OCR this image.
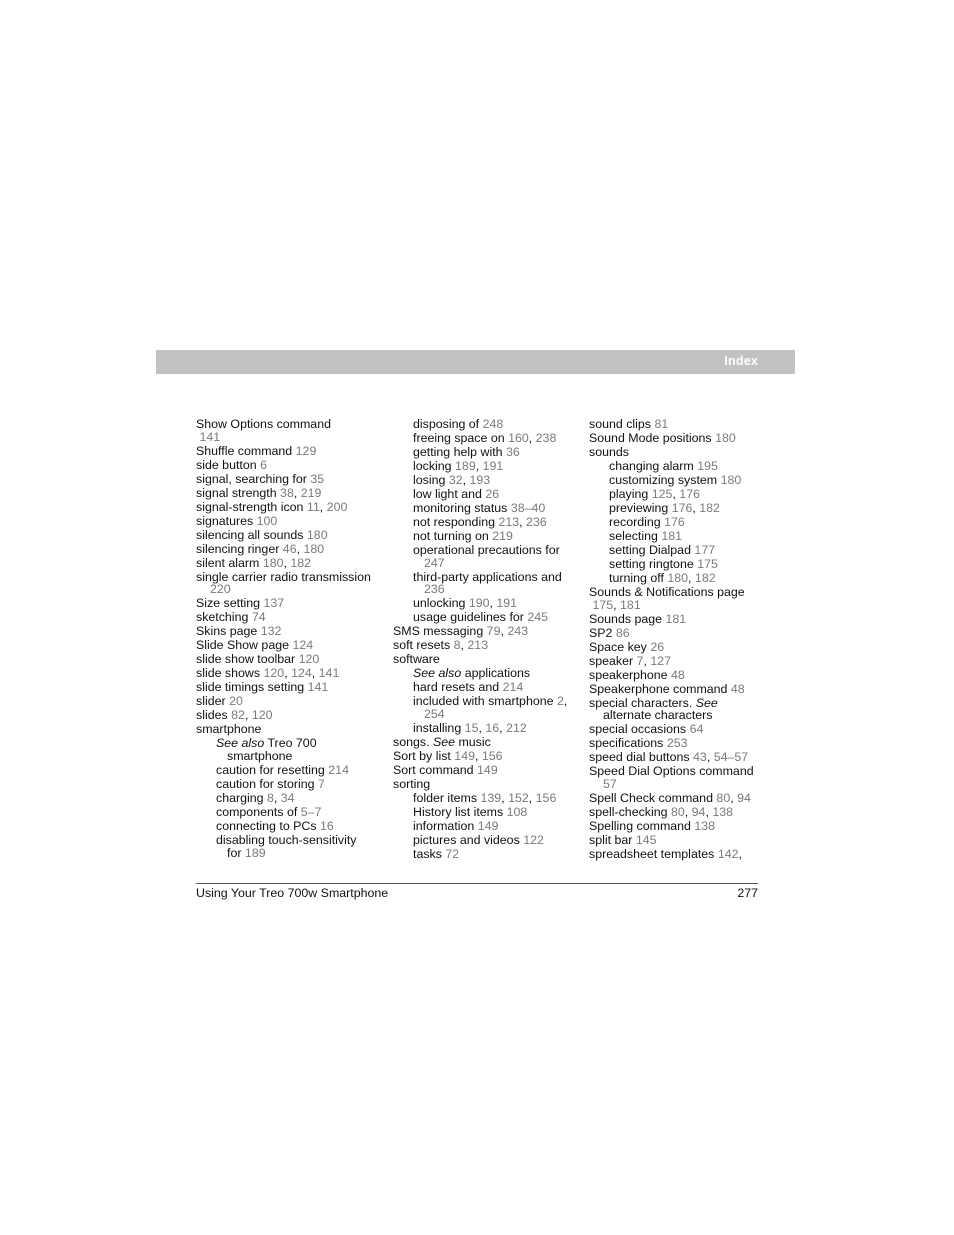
Index
Show Options command
141
Shuffle command 129
side button 6
signal, searching for 35
signal strength 38, 219
signal-strength icon 11, 200
signatures 100
silencing all sounds 180
silencing ringer 46, 180
silent alarm 180, 182
single carrier radio transmission 220
Size setting 137
sketching 74
Skins page 132
Slide Show page 124
slide show toolbar 120
slide shows 120, 124, 141
slide timings setting 141
slider 20
slides 82, 120
smartphone
See also Treo 700 smartphone
caution for resetting 214
caution for storing 7
charging 8, 34
components of 5–7
connecting to PCs 16
disabling touch-sensitivity for 189
disposing of 248
freeing space on 160, 238
getting help with 36
locking 189, 191
losing 32, 193
low light and 26
monitoring status 38–40
not responding 213, 236
not turning on 219
operational precautions for 247
third-party applications and 236
unlocking 190, 191
usage guidelines for 245
SMS messaging 79, 243
soft resets 8, 213
software
See also applications
hard resets and 214
included with smartphone 2, 254
installing 15, 16, 212
songs. See music
Sort by list 149, 156
Sort command 149
sorting
folder items 139, 152, 156
History list items 108
information 149
pictures and videos 122
tasks 72
sound clips 81
Sound Mode positions 180
sounds
changing alarm 195
customizing system 180
playing 125, 176
previewing 176, 182
recording 176
selecting 181
setting Dialpad 177
setting ringtone 175
turning off 180, 182
Sounds & Notifications page
175, 181
Sounds page 181
SP2 86
Space key 26
speaker 7, 127
speakerphone 48
Speakerphone command 48
special characters. See alternate characters
special occasions 64
specifications 253
speed dial buttons 43, 54–57
Speed Dial Options command 57
Spell Check command 80, 94
spell-checking 80, 94, 138
Spelling command 138
split bar 145
spreadsheet templates 142,
Using Your Treo 700w Smartphone	277
